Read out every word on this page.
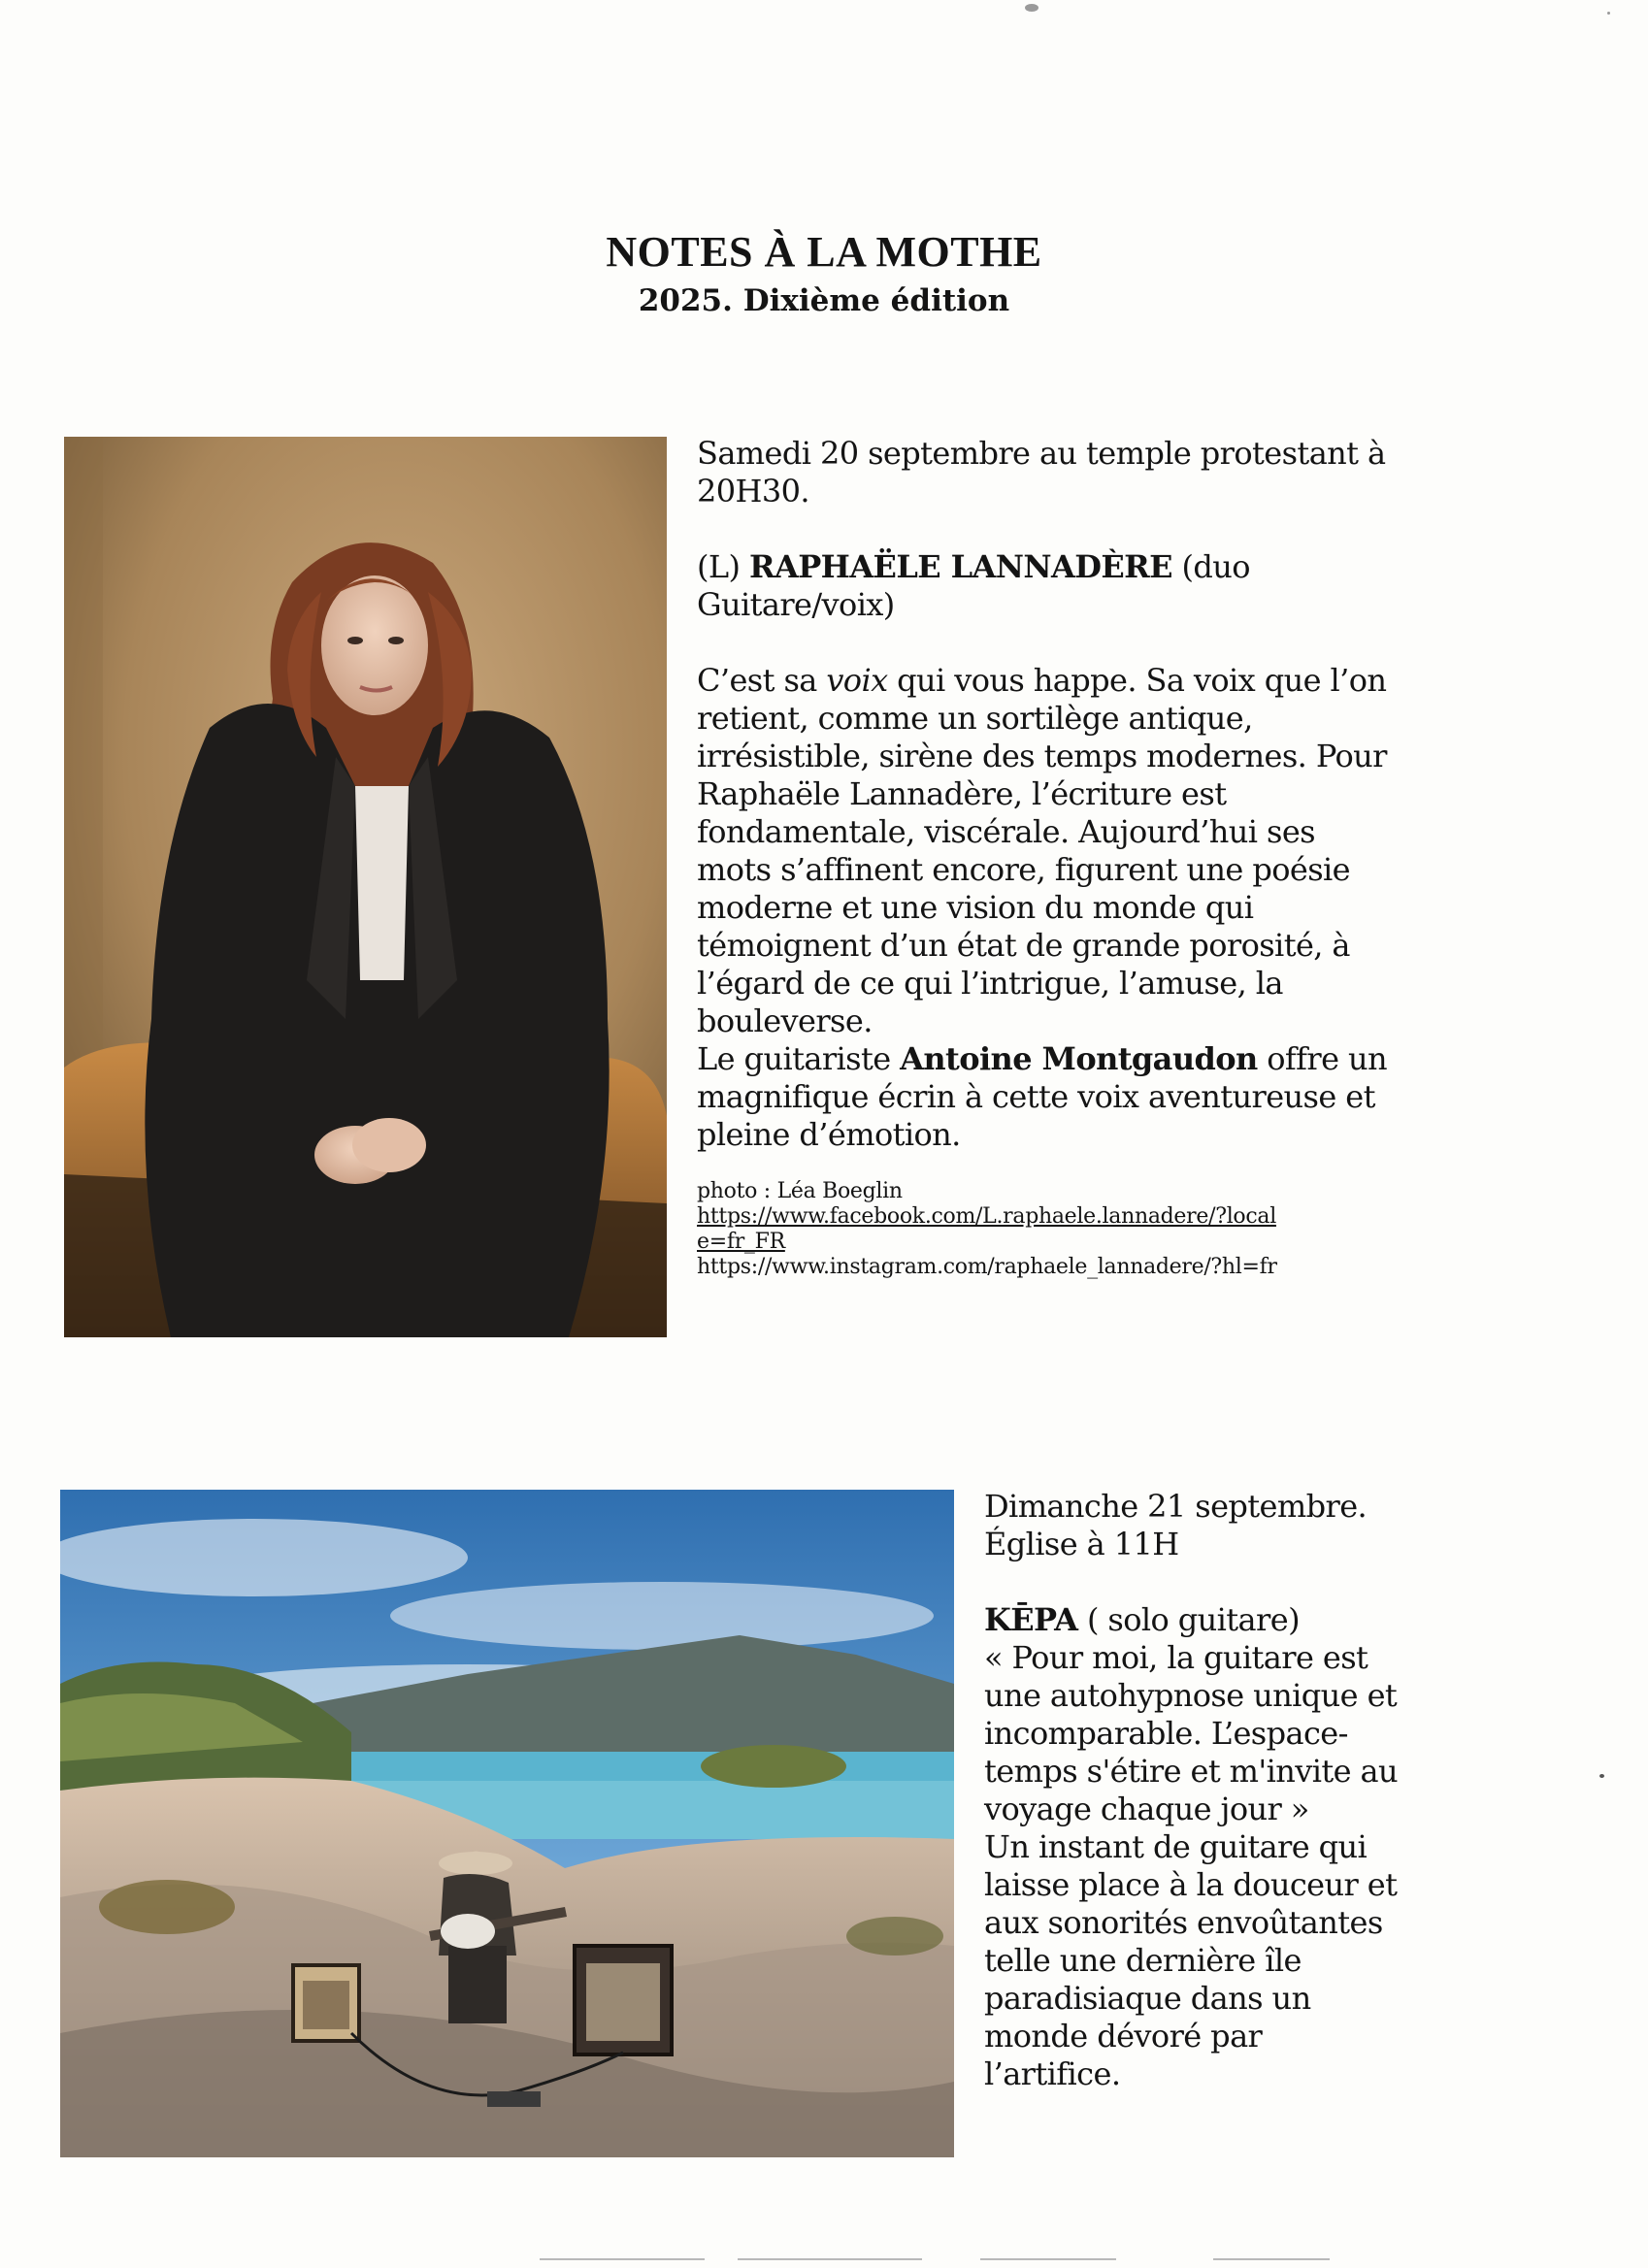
NOTES À LA MOTHE
2025. Dixième édition

Samedi 20 septembre au temple protestant à 20H30.

(L) RAPHAËLE LANNADÈRE (duo Guitare/voix)

C’est sa voix qui vous happe. Sa voix que l’on retient, comme un sortilège antique, irrésistible, sirène des temps modernes. Pour Raphaële Lannadère, l’écriture est fondamentale, viscérale. Aujourd’hui ses mots s’affinent encore, figurent une poésie moderne et une vision du monde qui témoignent d’un état de grande porosité, à l’égard de ce qui l’intrigue, l’amuse, la bouleverse.

Le guitariste Antoine Montgaudon offre un magnifique écrin à cette voix aventureuse et pleine d’émotion.

photo : Léa Boeglin
https://www.facebook.com/L.raphaele.lannadere/?locale=fr_FR
https://www.instagram.com/raphaele_lannadere/?hl=fr

Dimanche 21 septembre. Église à 11H

KĒPA ( solo guitare)

« Pour moi, la guitare est une autohypnose unique et incomparable. L’espace-temps s'étire et m'invite au voyage chaque jour »

Un instant de guitare qui laisse place à la douceur et aux sonorités envoûtantes telle une dernière île paradisiaque dans un monde dévoré par l’artifice.
